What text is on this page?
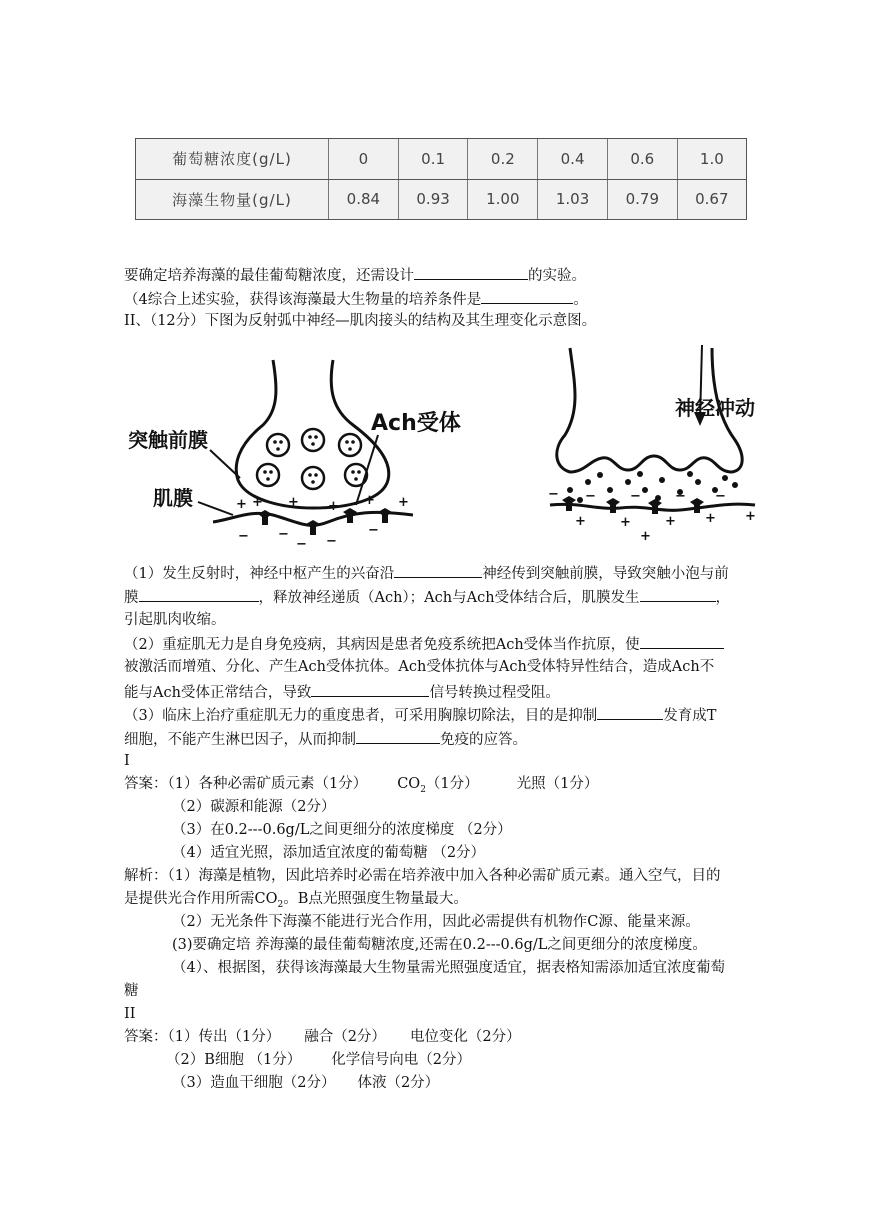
葡萄糖浓度(g/L)	0	0.1	0.2	0.4	0.6	1.0
海藻生物量(g/L)	0.84	0.93	1.00	1.03	0.79	0.67
要确定培养海藻的最佳葡萄糖浓度，还需设计	的实验。
（4综合上述实验，获得该海藻最大生物量的培养条件是	。
II、（12分）下图为反射弧中神经—肌肉接头的结构及其生理变化示意图。
+ + + + + +
− −	−
−
−
突触前膜
Ach受体
肌膜	− −	−	− −
+	+	+ + +
+
神经冲动
（1）发生反射时，神经中枢产生的兴奋沿	神经传到突触前膜，导致突触小泡与前
膜	，释放神经递质（Ach）；Ach与Ach受体结合后，肌膜发生	，
引起肌肉收缩。
（2）重症肌无力是自身免疫病，其病因是患者免疫系统把Ach受体当作抗原，使
被激活而增殖、分化、产生Ach受体抗体。Ach受体抗体与Ach受体特异性结合，造成Ach不
能与Ach受体正常结合，导致	信号转换过程受阻。
（3）临床上治疗重症肌无力的重度患者，可采用胸腺切除法，目的是抑制	发育成T
细胞，不能产生淋巴因子，从而抑制	免疫的应答。
I
答案：（1）各种必需矿质元素（1分） $CO_2(1$分）	光照（1分）
（2）碳源和能源（2分）
（3）在0.2---0.6g/L之间更细分的浓度梯度 （2分）
（4）适宜光照，添加适宜浓度的葡萄糖 （2分）
解析：（1）海藻是植物，因此培养时必需在培养液中加入各种必需矿质元素。通入空气，目的
是提供光合作用所需$CO_2$。B点光照强度生物量最大。
（2）无光条件下海藻不能进行光合作用，因此必需提供有机物作C源、能量来源。
(3)要确定培 养海藻的最佳葡萄糖浓度,还需在0.2---0.6g/L之间更细分的浓度梯度。
（4）、根据图，获得该海藻最大生物量需光照强度适宜，据表格知需添加适宜浓度葡萄
糖
II
答案：（1）传出（1分） 融合（2分） 电位变化（2分）
（2）B细胞 （1分） 化学信号向电（2分）
（3）造血干细胞（2分） 体液（2分）
